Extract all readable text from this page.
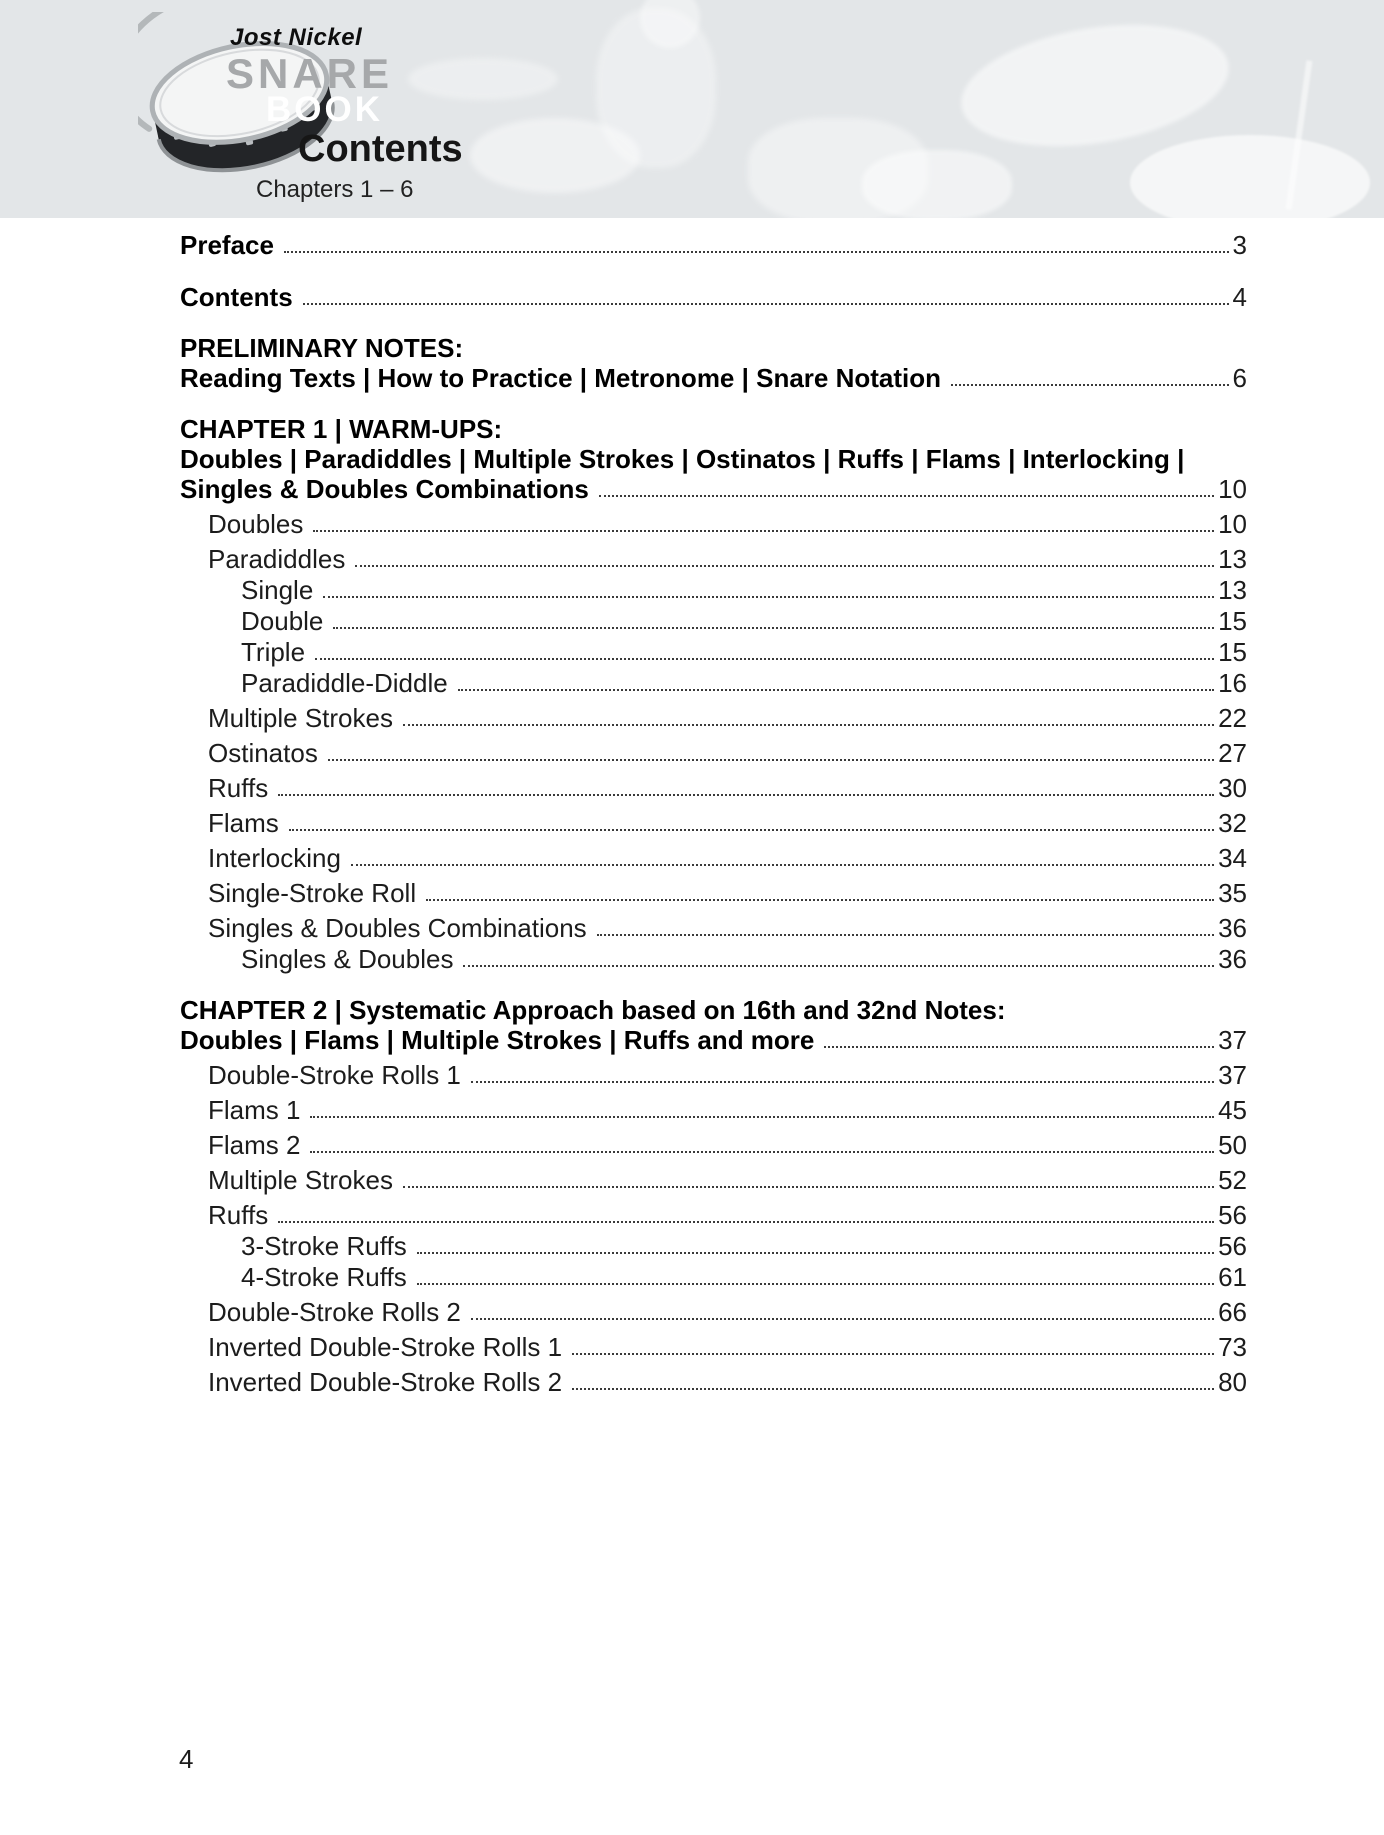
Jost Nickel
SNARE
BOOK
Contents
Chapters 1 – 6
Preface	3
Contents	4
PRELIMINARY NOTES:
Reading Texts | How to Practice | Metronome | Snare Notation	6
CHAPTER 1 | WARM-UPS:
Doubles | Paradiddles | Multiple Strokes | Ostinatos | Ruffs | Flams | Interlocking |
Singles & Doubles Combinations	10
Doubles	10
Paradiddles	13
Single	13
Double	15
Triple	15
Paradiddle-Diddle	16
Multiple Strokes	22
Ostinatos	27
Ruffs	30
Flams	32
Interlocking	34
Single-Stroke Roll	35
Singles & Doubles Combinations	36
Singles & Doubles	36
CHAPTER 2 | Systematic Approach based on 16th and 32nd Notes:
Doubles | Flams | Multiple Strokes | Ruffs and more	37
Double-Stroke Rolls 1	37
Flams 1	45
Flams 2	50
Multiple Strokes	52
Ruffs	56
3-Stroke Ruffs	56
4-Stroke Ruffs	61
Double-Stroke Rolls 2	66
Inverted Double-Stroke Rolls 1	73
Inverted Double-Stroke Rolls 2	80
4
